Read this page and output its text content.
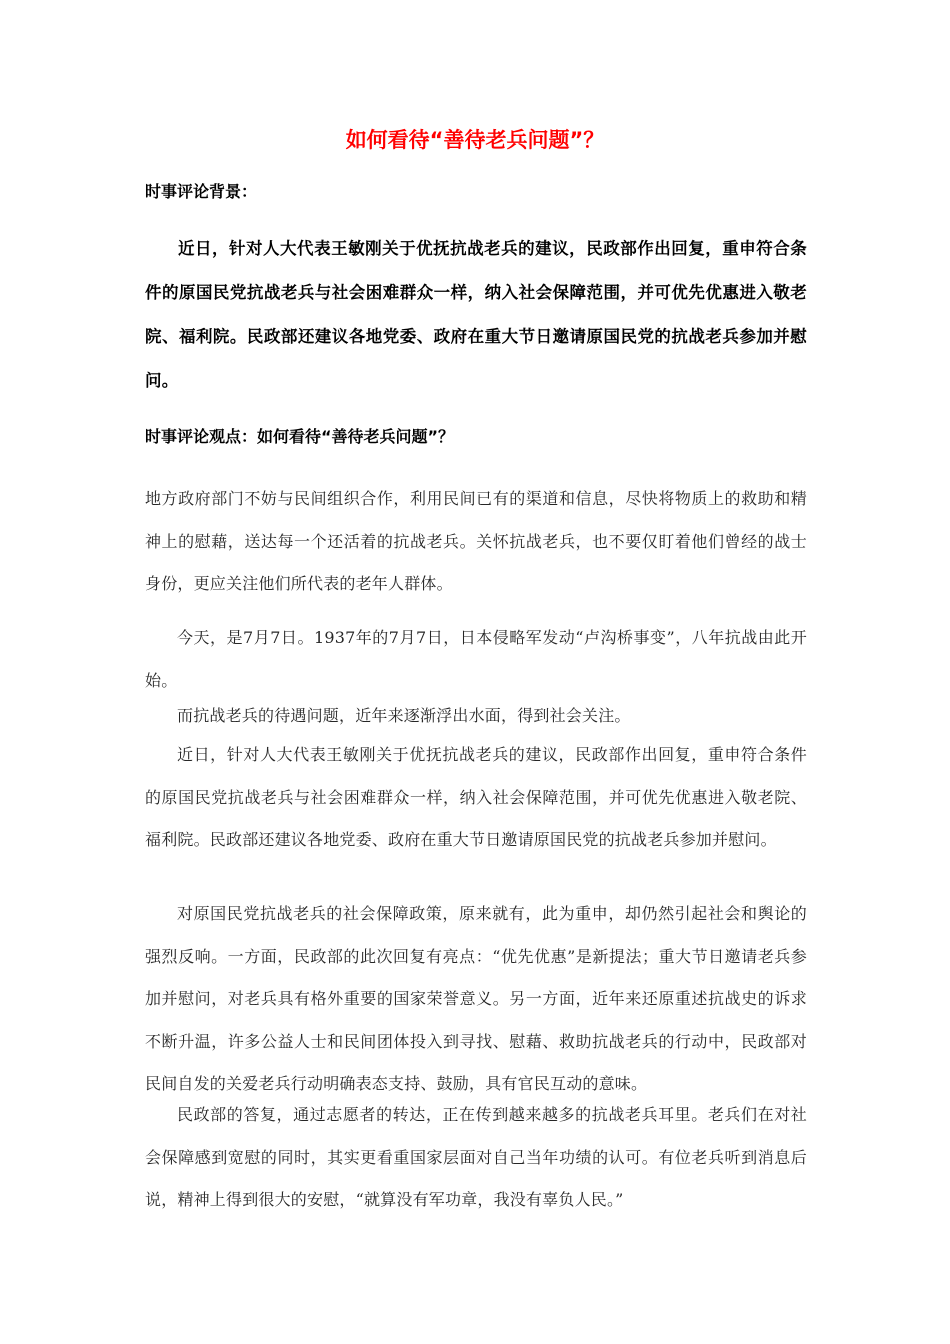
如何看待“善待老兵问题”？
时事评论背景：

近日，针对人大代表王敏刚关于优抚抗战老兵的建议，民政部作出回复，重申符合条件的原国民党抗战老兵与社会困难群众一样，纳入社会保障范围，并可优先优惠进入敬老院、福利院。民政部还建议各地党委、政府在重大节日邀请原国民党的抗战老兵参加并慰问。

时事评论观点：如何看待“善待老兵问题”？

地方政府部门不妨与民间组织合作，利用民间已有的渠道和信息，尽快将物质上的救助和精神上的慰藉，送达每一个还活着的抗战老兵。关怀抗战老兵，也不要仅盯着他们曾经的战士身份，更应关注他们所代表的老年人群体。

今天，是7月7日。1937年的7月7日，日本侵略军发动“卢沟桥事变”，八年抗战由此开始。

而抗战老兵的待遇问题，近年来逐渐浮出水面，得到社会关注。

近日，针对人大代表王敏刚关于优抚抗战老兵的建议，民政部作出回复，重申符合条件的原国民党抗战老兵与社会困难群众一样，纳入社会保障范围，并可优先优惠进入敬老院、福利院。民政部还建议各地党委、政府在重大节日邀请原国民党的抗战老兵参加并慰问。

对原国民党抗战老兵的社会保障政策，原来就有，此为重申，却仍然引起社会和舆论的强烈反响。一方面，民政部的此次回复有亮点：“优先优惠”是新提法；重大节日邀请老兵参加并慰问，对老兵具有格外重要的国家荣誉意义。另一方面，近年来还原重述抗战史的诉求不断升温，许多公益人士和民间团体投入到寻找、慰藉、救助抗战老兵的行动中，民政部对民间自发的关爱老兵行动明确表态支持、鼓励，具有官民互动的意味。

民政部的答复，通过志愿者的转达，正在传到越来越多的抗战老兵耳里。老兵们在对社会保障感到宽慰的同时，其实更看重国家层面对自己当年功绩的认可。有位老兵听到消息后说，精神上得到很大的安慰，“就算没有军功章，我没有辜负人民。”
